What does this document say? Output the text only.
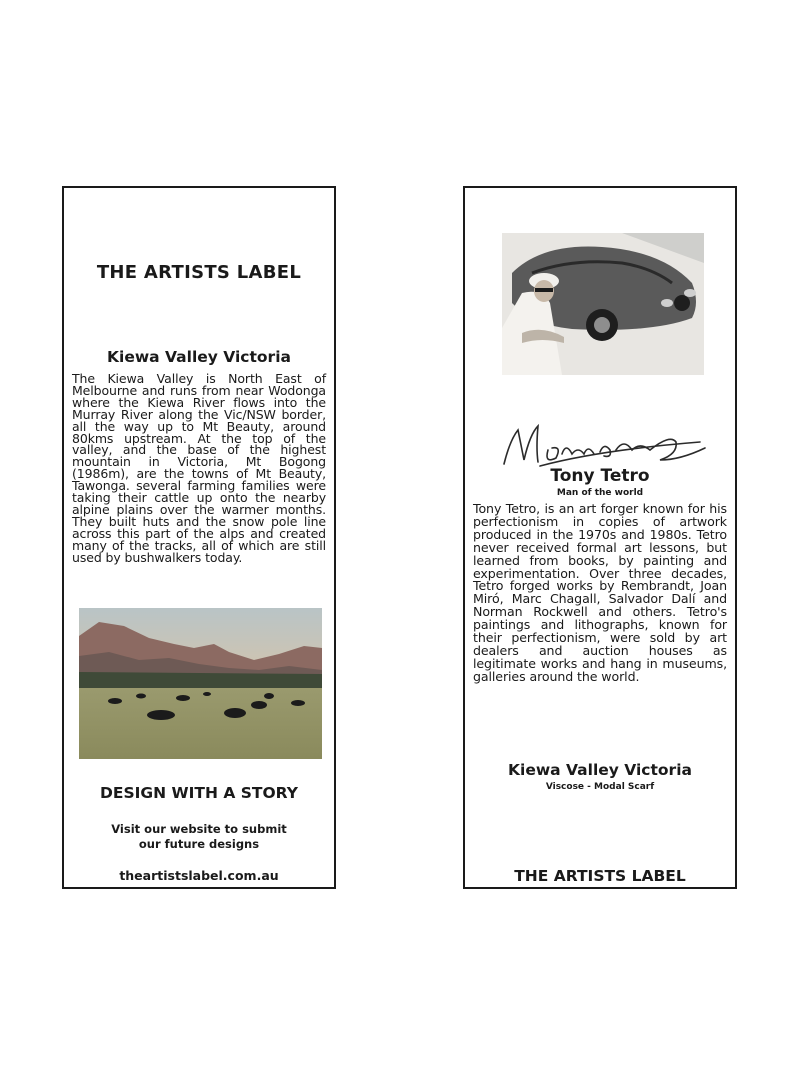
THE ARTISTS LABEL
Kiewa Valley Victoria
The Kiewa Valley is North East of Melbourne and runs from near Wodonga where the Kiewa River flows into the Murray River along the Vic/NSW border, all the way up to Mt Beauty, around 80kms upstream. At the top of the valley, and the base of the highest mountain in Victoria, Mt Bogong (1986m), are the towns of Mt Beauty, Tawonga. several farming families were taking their cattle up onto the nearby alpine plains over the warmer months. They built huts and the snow pole line across this part of the alps and created many of the tracks, all of which are still used by bushwalkers today.
DESIGN WITH A STORY
Visit our website to submit
our future designs
theartistslabel.com.au
Tony Tetro
Man of the world
Tony Tetro, is an art forger known for his perfectionism in copies of artwork produced in the 1970s and 1980s. Tetro never received formal art lessons, but learned from books, by painting and experimentation. Over three decades, Tetro forged works by Rembrandt, Joan Miró, Marc Chagall, Salvador Dalí and Norman Rockwell and others. Tetro's paintings and lithographs, known for their perfectionism, were sold by art dealers and auction houses as legitimate works and hang in museums, galleries around the world.
Kiewa Valley Victoria
Viscose - Modal Scarf
THE ARTISTS LABEL
